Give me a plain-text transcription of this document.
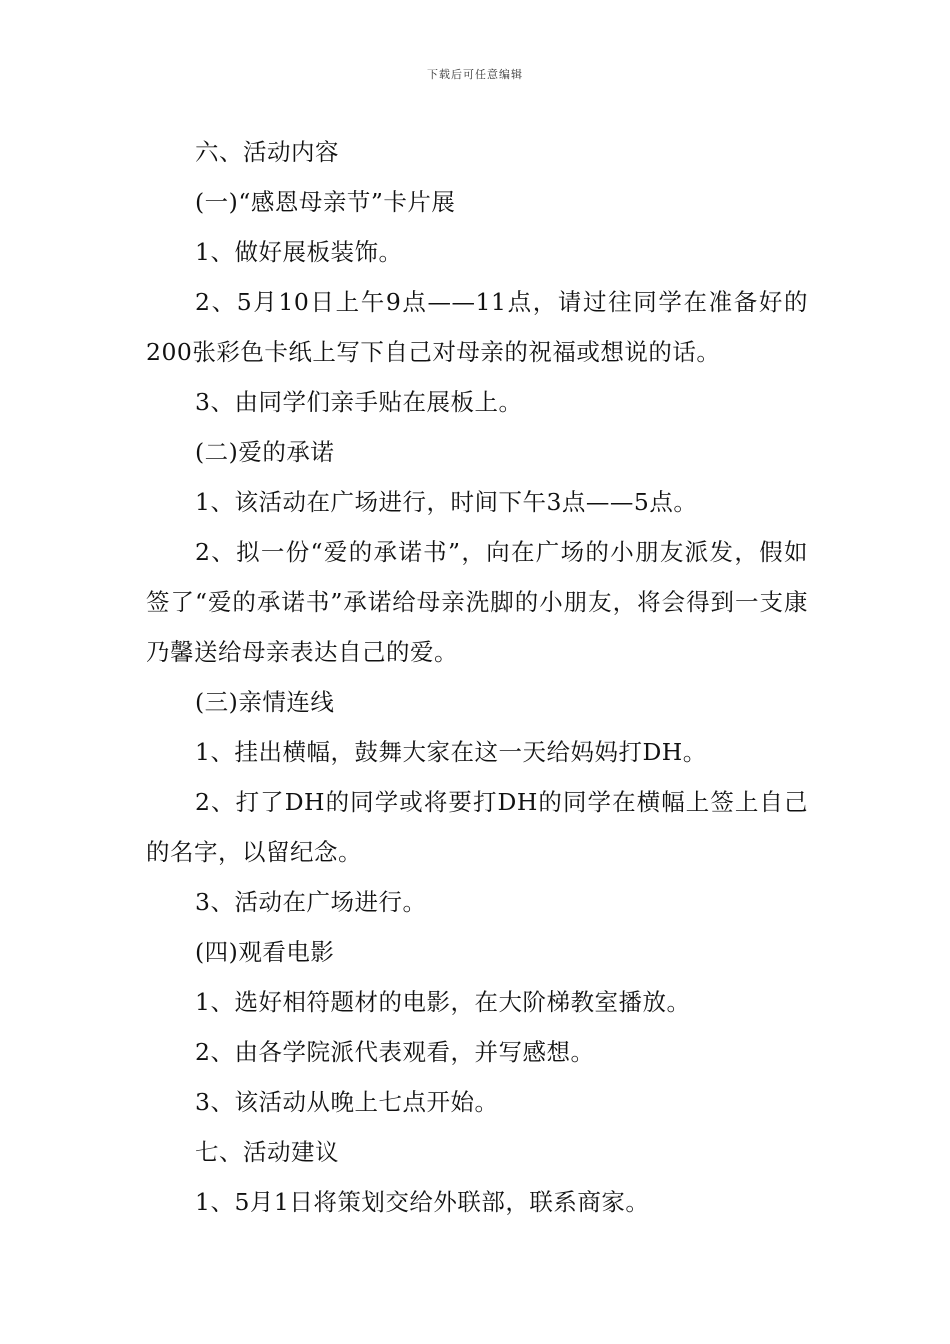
下载后可任意编辑

六、活动内容

(一)“感恩母亲节”卡片展

1、做好展板装饰。

2、5月10日上午9点——11点，请过往同学在准备好的200张彩色卡纸上写下自己对母亲的祝福或想说的话。

3、由同学们亲手贴在展板上。

(二)爱的承诺

1、该活动在广场进行，时间下午3点——5点。

2、拟一份“爱的承诺书”，向在广场的小朋友派发，假如签了“爱的承诺书”承诺给母亲洗脚的小朋友，将会得到一支康乃馨送给母亲表达自己的爱。

(三)亲情连线

1、挂出横幅，鼓舞大家在这一天给妈妈打DH。

2、打了DH的同学或将要打DH的同学在横幅上签上自己的名字，以留纪念。

3、活动在广场进行。

(四)观看电影

1、选好相符题材的电影，在大阶梯教室播放。

2、由各学院派代表观看，并写感想。

3、该活动从晚上七点开始。

七、活动建议

1、5月1日将策划交给外联部，联系商家。
